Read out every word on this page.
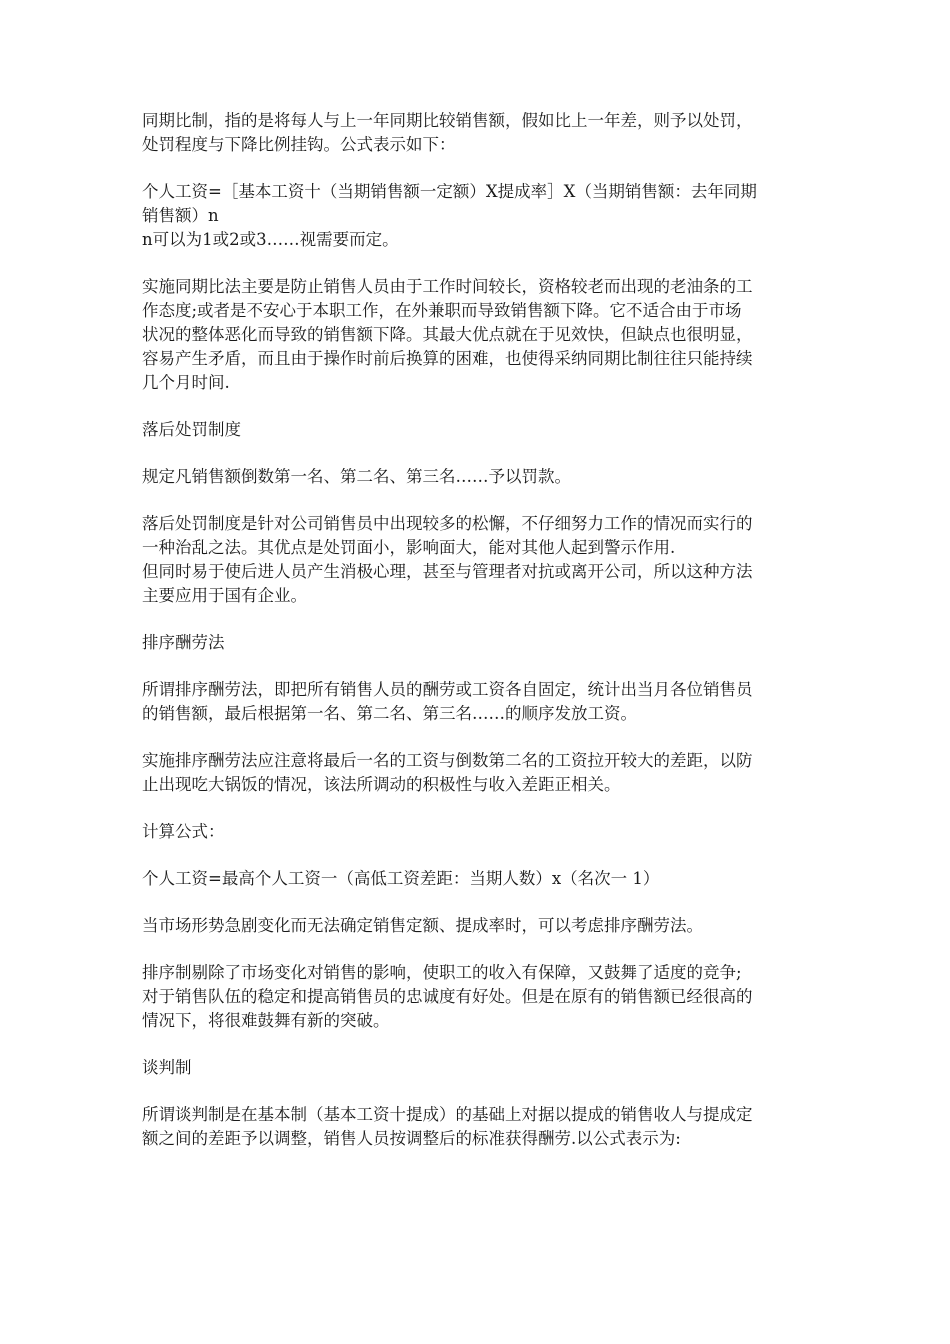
同期比制，指的是将每人与上一年同期比较销售额，假如比上一年差，则予以处罚，
处罚程度与下降比例挂钩。公式表示如下：

个人工资=［基本工资十（当期销售额一定额）X提成率］X（当期销售额：去年同期
销售额）n
n可以为1或2或3……视需要而定。

实施同期比法主要是防止销售人员由于工作时间较长，资格较老而出现的老油条的工
作态度;或者是不安心于本职工作，在外兼职而导致销售额下降。它不适合由于市场
状况的整体恶化而导致的销售额下降。其最大优点就在于见效快，但缺点也很明显，
容易产生矛盾，而且由于操作时前后换算的困难，也使得采纳同期比制往往只能持续
几个月时间.

落后处罚制度

规定凡销售额倒数第一名、第二名、第三名……予以罚款。

落后处罚制度是针对公司销售员中出现较多的松懈，不仔细努力工作的情况而实行的
一种治乱之法。其优点是处罚面小，影响面大，能对其他人起到警示作用.
但同时易于使后进人员产生消极心理，甚至与管理者对抗或离开公司，所以这种方法
主要应用于国有企业。

排序酬劳法

所谓排序酬劳法，即把所有销售人员的酬劳或工资各自固定，统计出当月各位销售员
的销售额，最后根据第一名、第二名、第三名……的顺序发放工资。

实施排序酬劳法应注意将最后一名的工资与倒数第二名的工资拉开较大的差距，以防
止出现吃大锅饭的情况，该法所调动的积极性与收入差距正相关。

计算公式：

个人工资=最高个人工资一（高低工资差距：当期人数）x（名次一 1）

当市场形势急剧变化而无法确定销售定额、提成率时，可以考虑排序酬劳法。

排序制剔除了市场变化对销售的影响，使职工的收入有保障，又鼓舞了适度的竞争;
对于销售队伍的稳定和提高销售员的忠诚度有好处。但是在原有的销售额已经很高的
情况下，将很难鼓舞有新的突破。

谈判制

所谓谈判制是在基本制（基本工资十提成）的基础上对据以提成的销售收人与提成定
额之间的差距予以调整，销售人员按调整后的标准获得酬劳.以公式表示为:
